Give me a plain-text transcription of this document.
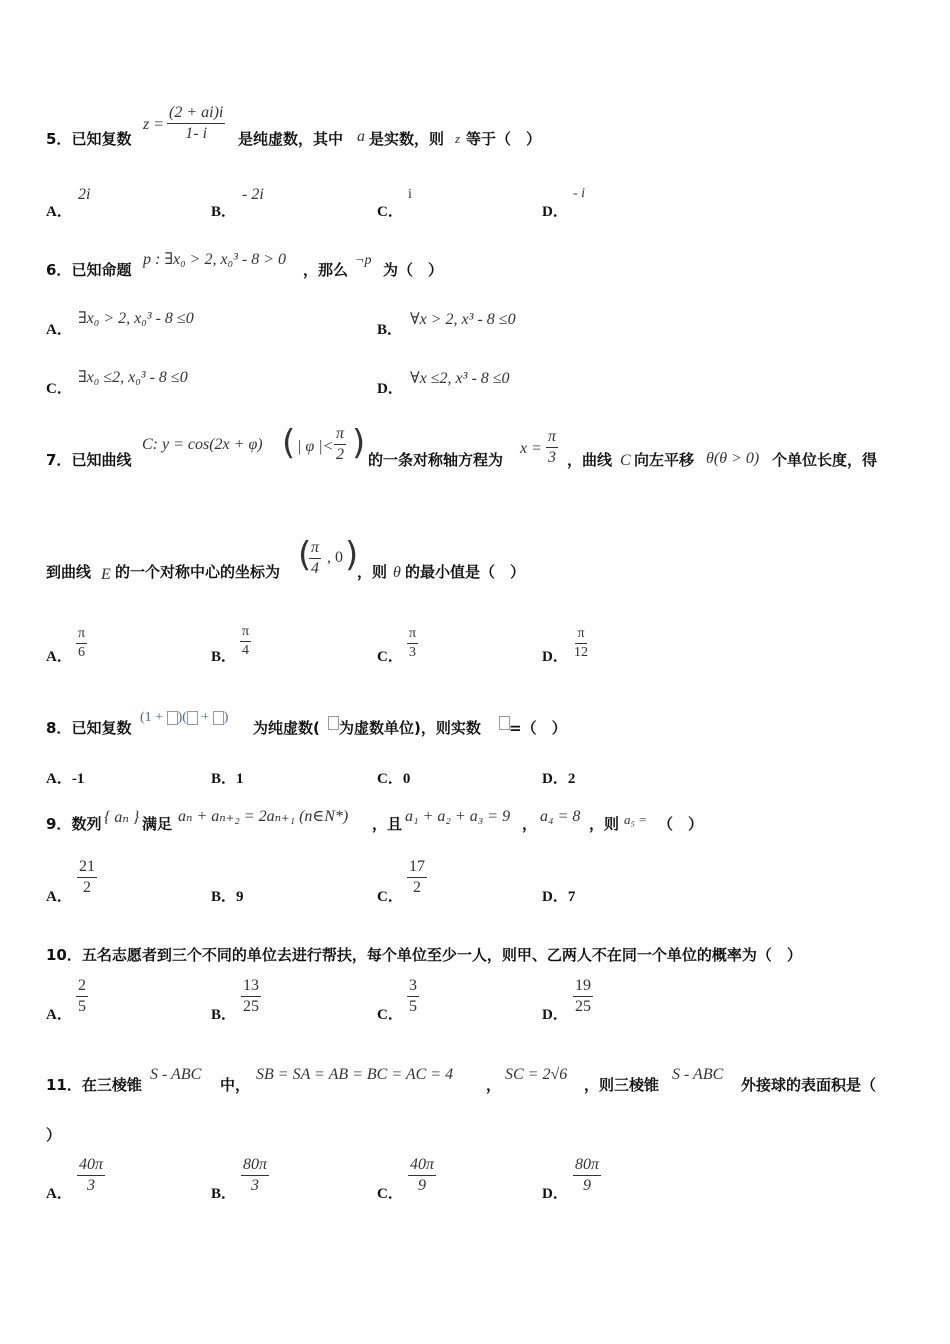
5．已知复数
$z = \frac{(2 + ai)i}{1- i}$ 是纯虚数，其中 a 是实数，则 z 等于（　）
A．
2i
B．
- 2i
C．
i
D．
- i
6．已知命题
p : ∃x₀ > 2, x₀³ - 8 > 0
，那么
¬p
为（　）
A．
∃x₀ > 2, x₀³ - 8 ≤0
B．
∀x > 2, x³ - 8 ≤0
C．
∃x₀ ≤2, x₀³ - 8 ≤0
D．
∀x ≤2, x³ - 8 ≤0
7．已知曲线
C: y = cos(2x + φ) ( | φ |< $\frac{\pi}{2}$ ) 的一条对称轴方程为
$x = \frac{\pi}{3}$ ，曲线 C 向左平移 θ(θ > 0) 个单位长度，得
到曲线 E 的一个对称中心的坐标为 (
$\frac{\pi}{4}$ , 0 )
，则 θ 的最小值是（　）
A． $\frac{\pi}{6}$	B． $\frac{\pi}{4}$	C． $\frac{\pi}{3}$	D． $\frac{\pi}{12}$
8．已知复数
(1 + )( + )
为纯虚数( 为虚数单位)，则实数 =（　）
A．-1	B．1	C．0	D．2
9．数列 { aₙ } 满足 aₙ + aₙ₊₂ = 2aₙ₊₁ (n∈N*) ，且 a₁ + a₂ + a₃ = 9 ， a₄ = 8 ，则 a₅ = （　）
A． $\frac{21}{2}$	B．9	C． $\frac{17}{2}$	D．7
10．五名志愿者到三个不同的单位去进行帮扶，每个单位至少一人，则甲、乙两人不在同一个单位的概率为（　）
A． $\frac{2}{5}$	B． $\frac{13}{25}$	C． $\frac{3}{5}$	D． $\frac{19}{25}$
11．在三棱锥
S - ABC
中，
SB = SA = AB = BC = AC = 4
，
SC = 2√6
，则三棱锥
S - ABC
外接球的表面积是（
）
A． $\frac{40\pi}{3}$	B． $\frac{80\pi}{3}$	C． $\frac{40\pi}{9}$	D． $\frac{80\pi}{9}$
